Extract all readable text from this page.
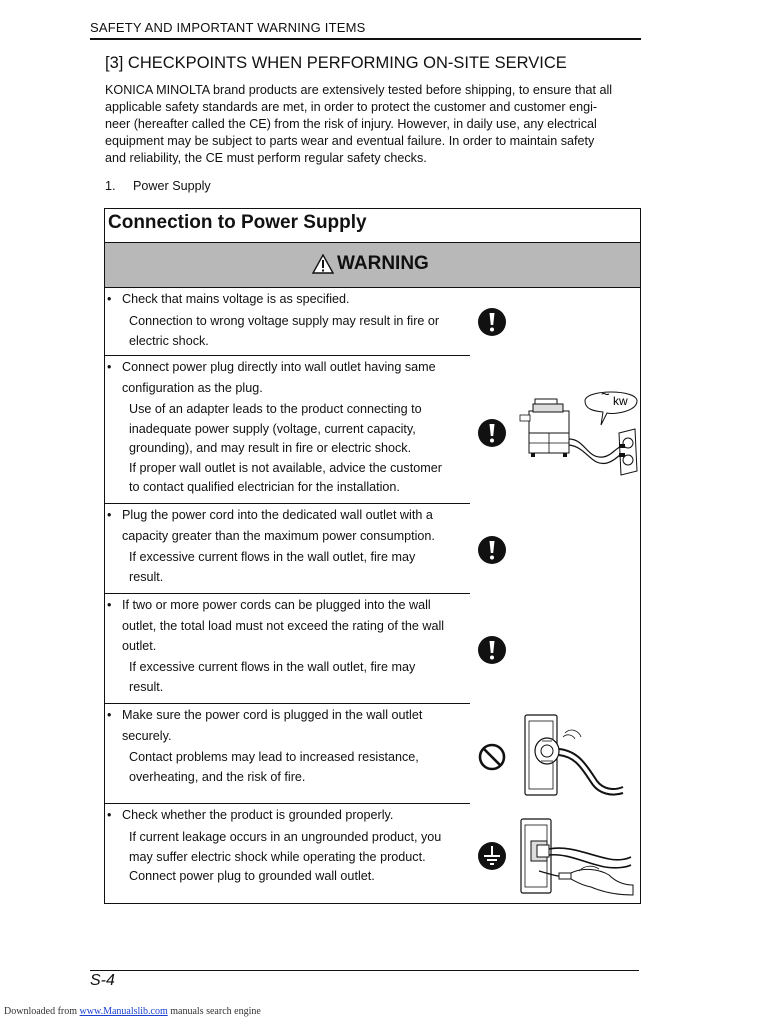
SAFETY AND IMPORTANT WARNING ITEMS
[3] CHECKPOINTS WHEN PERFORMING ON-SITE SERVICE
KONICA MINOLTA brand products are extensively tested before shipping, to ensure that all
applicable safety standards are met, in order to protect the customer and customer engi-
neer (hereafter called the CE) from the risk of injury. However, in daily use, any electrical
equipment may be subject to parts wear and eventual failure. In order to maintain safety
and reliability, the CE must perform regular safety checks.
1. Power Supply
Connection to Power Supply
WARNING
• Check that mains voltage is as specified.
Connection to wrong voltage supply may result in fire or
electric shock.
• Connect power plug directly into wall outlet having same
configuration as the plug.
Use of an adapter leads to the product connecting to
inadequate power supply (voltage, current capacity,
grounding), and may result in fire or electric shock.
If proper wall outlet is not available, advice the customer
to contact qualified electrician for the installation.
~ kw
• Plug the power cord into the dedicated wall outlet with a
capacity greater than the maximum power consumption.
If excessive current flows in the wall outlet, fire may
result.
• If two or more power cords can be plugged into the wall
outlet, the total load must not exceed the rating of the wall
outlet.
If excessive current flows in the wall outlet, fire may
result.
• Make sure the power cord is plugged in the wall outlet
securely.
Contact problems may lead to increased resistance,
overheating, and the risk of fire.
• Check whether the product is grounded properly.
If current leakage occurs in an ungrounded product, you
may suffer electric shock while operating the product.
Connect power plug to grounded wall outlet.
S-4
Downloaded from www.Manualslib.com manuals search engine
